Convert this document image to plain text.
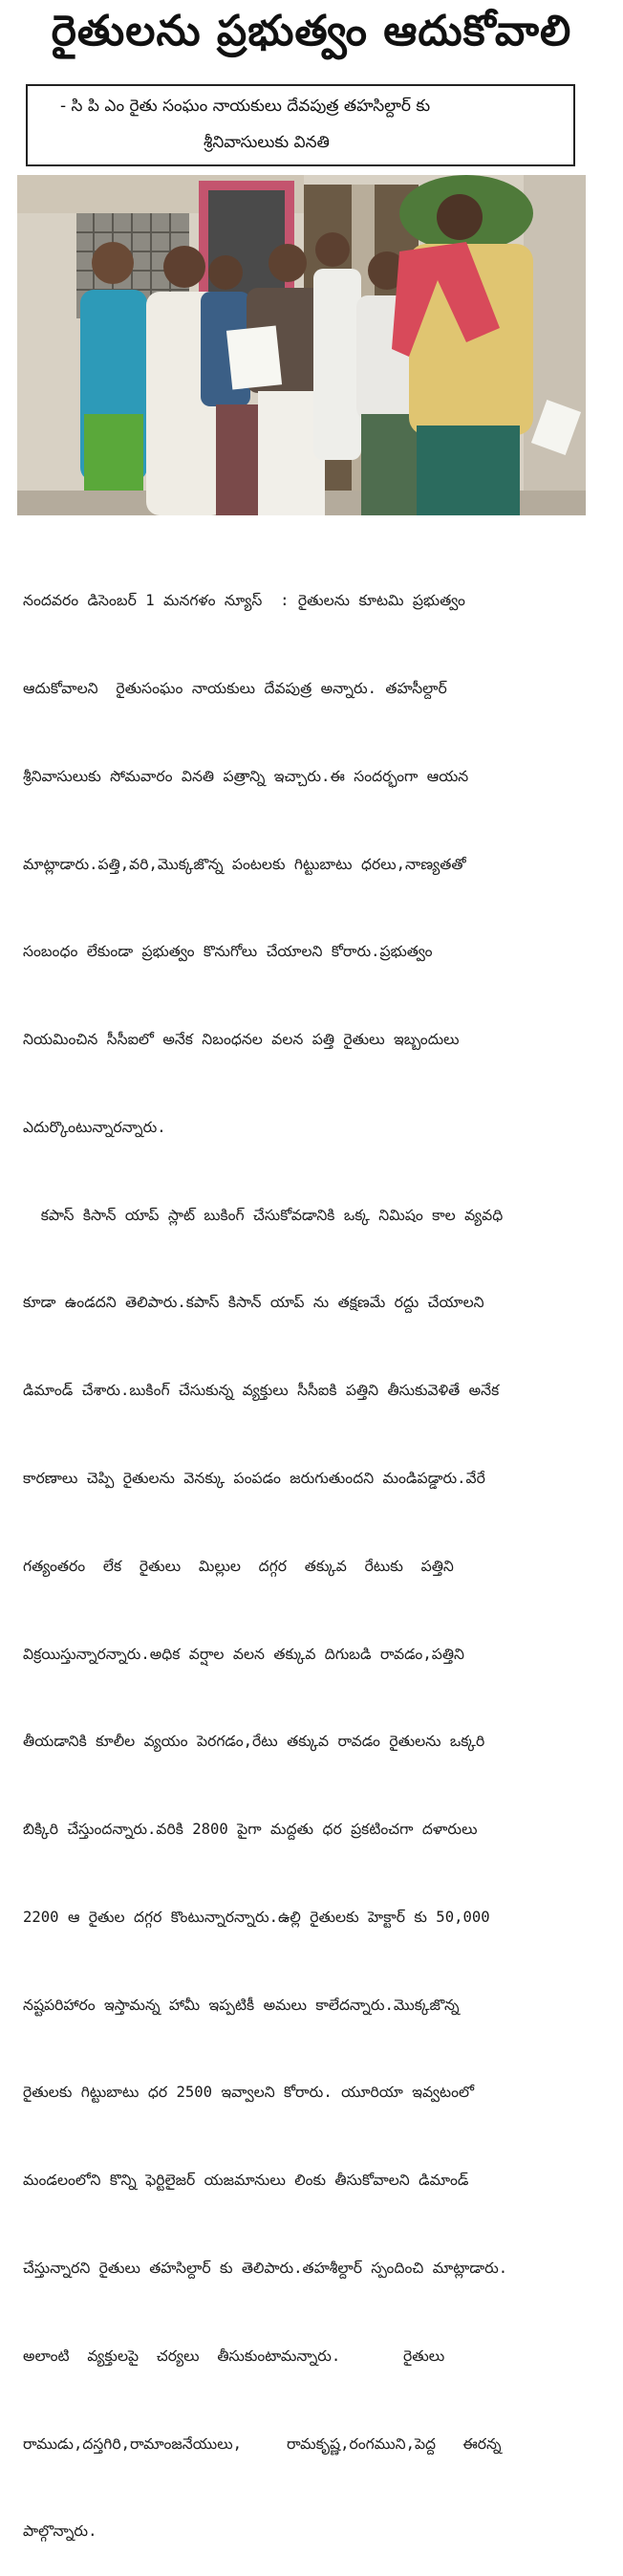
రైతులను ప్రభుత్వం ఆదుకోవాలి
- సి పి ఎం రైతు సంఘం నాయకులు దేవపుత్ర తహసిల్దార్ కు
శ్రీనివాసులుకు వినతి

నందవరం డిసెంబర్ 1 మనగళం న్యూస్  : రైతులను కూటమి ప్రభుత్వం

ఆదుకోవాలని  రైతుసంఘం నాయకులు దేవపుత్ర అన్నారు. తహసీల్దార్

శ్రీనివాసులుకు సోమవారం వినతి పత్రాన్ని ఇచ్చారు.ఈ సందర్భంగా ఆయన

మాట్లాడారు.పత్తి,వరి,మొక్కజొన్న పంటలకు గిట్టుబాటు ధరలు,నాణ్యతతో

సంబంధం లేకుండా ప్రభుత్వం కొనుగోలు చేయాలని కోరారు.ప్రభుత్వం

నియమించిన సీసీఐలో అనేక నిబంధనల వలన పత్తి రైతులు ఇబ్బందులు

ఎదుర్కొంటున్నారన్నారు.

కపాస్ కిసాన్ యాప్ స్లాట్ బుకింగ్ చేసుకోవడానికి ఒక్క నిమిషం కాల వ్యవధి

కూడా ఉండదని తెలిపారు.కపాస్ కిసాన్ యాప్ ను తక్షణమే రద్దు చేయాలని

డిమాండ్ చేశారు.బుకింగ్ చేసుకున్న వ్యక్తులు సీసీఐకి పత్తిని తీసుకువెళితే అనేక

కారణాలు చెప్పి రైతులను వెనక్కు పంపడం జరుగుతుందని మండిపడ్డారు.వేరే

గత్యంతరం  లేక  రైతులు  మిల్లుల  దగ్గర  తక్కువ  రేటుకు  పత్తిని

విక్రయిస్తున్నారన్నారు.అధిక వర్షాల వలన తక్కువ దిగుబడి రావడం,పత్తిని

తీయడానికి కూలీల వ్యయం పెరగడం,రేటు తక్కువ రావడం రైతులను ఒక్కరి

బిక్కిరి చేస్తుందన్నారు.వరికి 2800 పైగా మద్దతు ధర ప్రకటించగా దళారులు

2200 ఆ రైతుల దగ్గర కొంటున్నారన్నారు.ఉల్లి రైతులకు హెక్టార్ కు 50,000

నష్టపరిహారం ఇస్తామన్న హామీ ఇప్పటికీ అమలు కాలేదన్నారు.మొక్కజొన్న

రైతులకు గిట్టుబాటు ధర 2500 ఇవ్వాలని కోరారు. యూరియా ఇవ్వటంలో

మండలంలోని కొన్ని ఫెర్టిలైజర్ యజమానులు లింకు తీసుకోవాలని డిమాండ్

చేస్తున్నారని రైతులు తహసిల్దార్ కు తెలిపారు.తహశీల్దార్ స్పందించి మాట్లాడారు.

అలాంటి  వ్యక్తులపై  చర్యలు  తీసుకుంటామన్నారు.       రైతులు

రాముడు,దస్తగిరి,రామాంజనేయులు,     రామకృష్ణ,రంగముని,పెద్ద   ఈరన్న

పాల్గొన్నారు.
